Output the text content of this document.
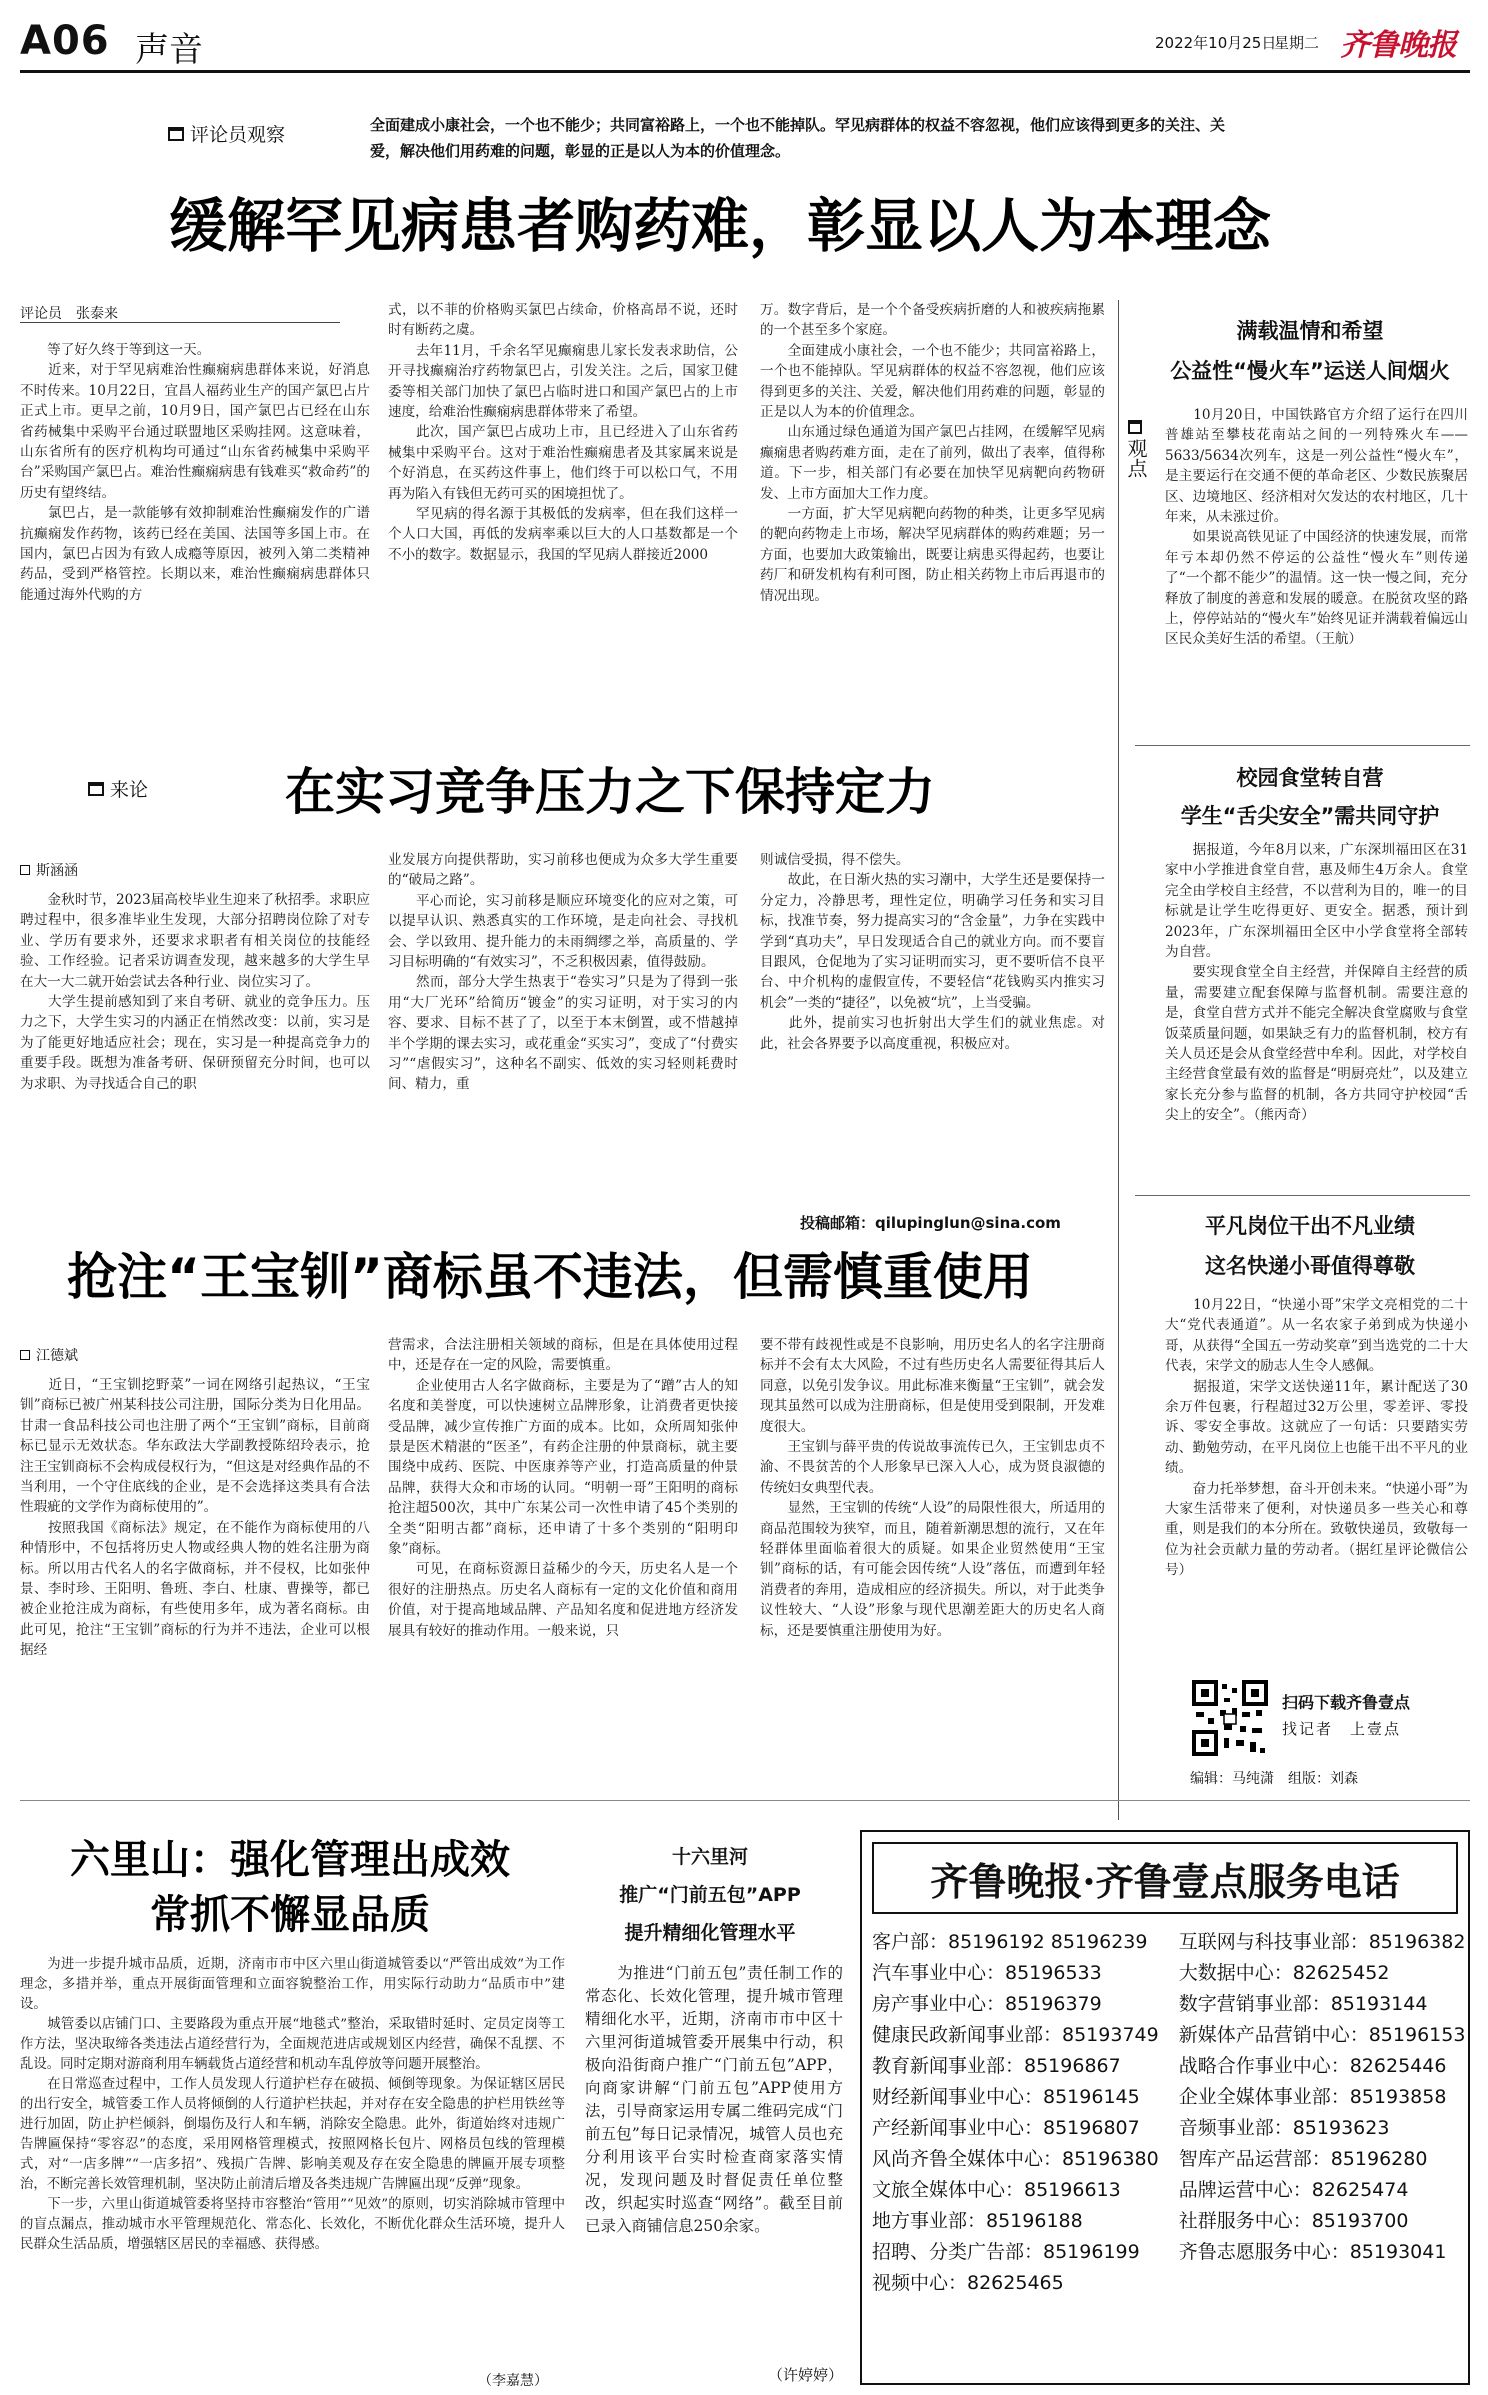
A06 声音	2022年10月25日
星期二 齐鲁晚报
评论员观察	全面建成小康社会，一个也不能少；共同富裕路上，一个也不能掉队。罕见病群体的权益不容忽视，他们应该得到更多的关注、关爱，解决他们用药难的问题，彰显的正是以人为本的价值理念。
缓解罕见病患者购药难，彰显以人为本理念
评论员　张泰来
　　等了好久终于等到这一天。
　　近来，对于罕见病难治性癫痫病患群体来说，好消息不时传来。10月22日，宜昌人福药业生产的国产氯巴占片正式上市。更早之前，10月9日，国产氯巴占已经在山东省药械集中采购平台通过联盟地区采购挂网。这意味着，山东省所有的医疗机构均可通过“山东省药械集中采购平台”采购国产氯巴占。难治性癫痫病患有钱难买“救命药”的历史有望终结。
　　氯巴占，是一款能够有效抑制难治性癫痫发作的广谱抗癫痫发作药物，该药已经在美国、法国等多国上市。在国内，氯巴占因为有致人成瘾等原因，被列入第二类精神药品，受到严格管控。长期以来，难治性癫痫病患群体只能通过海外代购的方
式，以不菲的价格购买氯巴占续命，价格高昂不说，还时时有断药之虞。
　　去年11月，千余名罕见癫痫患儿家长发表求助信，公开寻找癫痫治疗药物氯巴占，引发关注。之后，国家卫健委等相关部门加快了氯巴占临时进口和国产氯巴占的上市速度，给难治性癫痫病患群体带来了希望。
　　此次，国产氯巴占成功上市，且已经进入了山东省药械集中采购平台。这对于难治性癫痫患者及其家属来说是个好消息，在买药这件事上，他们终于可以松口气，不用再为陷入有钱但无药可买的困境担忧了。
　　罕见病的得名源于其极低的发病率，但在我们这样一个人口大国，再低的发病率乘以巨大的人口基数都是一个不小的数字。数据显示，我国的罕见病人群接近2000
万。数字背后，是一个个备受疾病折磨的人和被疾病拖累的一个甚至多个家庭。
　　全面建成小康社会，一个也不能少；共同富裕路上，一个也不能掉队。罕见病群体的权益不容忽视，他们应该得到更多的关注、关爱，解决他们用药难的问题，彰显的正是以人为本的价值理念。
　　山东通过绿色通道为国产氯巴占挂网，在缓解罕见病癫痫患者购药难方面，走在了前列，做出了表率，值得称道。下一步，相关部门有必要在加快罕见病靶向药物研发、上市方面加大工作力度。
　　一方面，扩大罕见病靶向药物的种类，让更多罕见病的靶向药物走上市场，解决罕见病群体的购药难题；另一方面，也要加大政策输出，既要让病患买得起药，也要让药厂和研发机构有利可图，防止相关药物上市后再退市的情况出现。
来论	在实习竞争压力之下保持定力
斯涵涵
　　金秋时节，2023届高校毕业生迎来了秋招季。求职应聘过程中，很多准毕业生发现，大部分招聘岗位除了对专业、学历有要求外，还要求求职者有相关岗位的技能经验、工作经验。记者采访调查发现，越来越多的大学生早在大一大二就开始尝试去各种行业、岗位实习了。
　　大学生提前感知到了来自考研、就业的竞争压力。压力之下，大学生实习的内涵正在悄然改变：以前，实习是为了能更好地适应社会；现在，实习是一种提高竞争力的重要手段。既想为准备考研、保研预留充分时间，也可以为求职、为寻找适合自己的职
业发展方向提供帮助，实习前移也便成为众多大学生重要的“破局之路”。
　　平心而论，实习前移是顺应环境变化的应对之策，可以提早认识、熟悉真实的工作环境，是走向社会、寻找机会、学以致用、提升能力的未雨绸缪之举，高质量的、学习目标明确的“有效实习”，不乏积极因素，值得鼓励。
　　然而，部分大学生热衷于“卷实习”只是为了得到一张用“大厂光环”给简历“镀金”的实习证明，对于实习的内容、要求、目标不甚了了，以至于本末倒置，或不惜越掉半个学期的课去实习，或花重金“买实习”，变成了“付费实习”“虐假实习”，这种名不副实、低效的实习轻则耗费时间、精力，重
则诚信受损，得不偿失。
　　故此，在日渐火热的实习潮中，大学生还是要保持一分定力，冷静思考，理性定位，明确学习任务和实习目标，找准节奏，努力提高实习的“含金量”，力争在实践中学到“真功夫”，早日发现适合自己的就业方向。而不要盲目跟风，仓促地为了实习证明而实习，更不要听信不良平台、中介机构的虚假宣传，不要轻信“花钱购买内推实习机会”一类的“捷径”，以免被“坑”，上当受骗。
　　此外，提前实习也折射出大学生们的就业焦虑。对此，社会各界要予以高度重视，积极应对。
投稿邮箱：qilupinglun@sina.com
抢注“王宝钏”商标虽不违法，但需慎重使用
江德斌
　　近日，“王宝钏挖野菜”一词在网络引起热议，“王宝钏”商标已被广州某科技公司注册，国际分类为日化用品。甘肃一食品科技公司也注册了两个“王宝钏”商标，目前商标已显示无效状态。华东政法大学副教授陈绍玲表示，抢注王宝钏商标不会构成侵权行为，“但这是对经典作品的不当利用，一个守住底线的企业，是不会选择这类具有合法性瑕疵的文学作为商标使用的”。
　　按照我国《商标法》规定，在不能作为商标使用的八种情形中，不包括将历史人物或经典人物的姓名注册为商标。所以用古代名人的名字做商标，并不侵权，比如张仲景、李时珍、王阳明、鲁班、李白、杜康、曹操等，都已被企业抢注成为商标，有些使用多年，成为著名商标。由此可见，抢注“王宝钏”商标的行为并不违法，企业可以根据经
营需求，合法注册相关领域的商标，但是在具体使用过程中，还是存在一定的风险，需要慎重。
　　企业使用古人名字做商标，主要是为了“蹭”古人的知名度和美誉度，可以快速树立品牌形象，让消费者更快接受品牌，减少宣传推广方面的成本。比如，众所周知张仲景是医术精湛的“医圣”，有药企注册的仲景商标，就主要围绕中成药、医院、中医康养等产业，打造高质量的仲景品牌，获得大众和市场的认同。“明朝一哥”王阳明的商标抢注超500次，其中广东某公司一次性申请了45个类别的全类“阳明古都”商标，还申请了十多个类别的“阳明印象”商标。
　　可见，在商标资源日益稀少的今天，历史名人是一个很好的注册热点。历史名人商标有一定的文化价值和商用价值，对于提高地域品牌、产品知名度和促进地方经济发展具有较好的推动作用。一般来说，只
要不带有歧视性或是不良影响，用历史名人的名字注册商标并不会有太大风险，不过有些历史名人需要征得其后人同意，以免引发争议。用此标准来衡量“王宝钏”，就会发现其虽然可以成为注册商标，但是使用受到限制，开发难度很大。
　　王宝钏与薛平贵的传说故事流传已久，王宝钏忠贞不渝、不畏贫苦的个人形象早已深入人心，成为贤良淑德的传统妇女典型代表。
　　显然，王宝钏的传统“人设”的局限性很大，所适用的商品范围较为狭窄，而且，随着新潮思想的流行，又在年轻群体里面临着很大的质疑。如果企业贸然使用“王宝钏”商标的话，有可能会因传统“人设”落伍，而遭到年轻消费者的奔用，造成相应的经济损失。所以，对于此类争议性较大、“人设”形象与现代思潮差距大的历史名人商标，还是要慎重注册使用为好。
观点
满载温情和希望
公益性“慢火车”运送人间烟火
　　10月20日，中国铁路官方介绍了运行在四川普雄站至攀枝花南站之间的一列特殊火车——5633/5634次列车，这是一列公益性“慢火车”，是主要运行在交通不便的革命老区、少数民族聚居区、边境地区、经济相对欠发达的农村地区，几十年来，从未涨过价。
　　如果说高铁见证了中国经济的快速发展，而常年亏本却仍然不停运的公益性“慢火车”则传递了“一个都不能少”的温情。这一快一慢之间，充分释放了制度的善意和发展的暖意。在脱贫攻坚的路上，停停站站的“慢火车”始终见证并满载着偏远山区民众美好生活的希望。（王航）
校园食堂转自营
学生“舌尖安全”需共同守护
　　据报道，今年8月以来，广东深圳福田区在31家中小学推进食堂自营，惠及师生4万余人。食堂完全由学校自主经营，不以营利为目的，唯一的目标就是让学生吃得更好、更安全。据悉，预计到2023年，广东深圳福田全区中小学食堂将全部转为自营。
　　要实现食堂全自主经营，并保障自主经营的质量，需要建立配套保障与监督机制。需要注意的是，食堂自营方式并不能完全解决食堂腐败与食堂饭菜质量问题，如果缺乏有力的监督机制，校方有关人员还是会从食堂经营中牟利。因此，对学校自主经营食堂最有效的监督是“明厨亮灶”，以及建立家长充分参与监督的机制，各方共同守护校园“舌尖上的安全”。（熊丙奇）
平凡岗位干出不凡业绩
这名快递小哥值得尊敬
　　10月22日，“快递小哥”宋学文亮相党的二十大“党代表通道”。从一名农家子弟到成为快递小哥，从获得“全国五一劳动奖章”到当选党的二十大代表，宋学文的励志人生令人感佩。
　　据报道，宋学文送快递11年，累计配送了30余万件包裹，行程超过32万公里，零差评、零投诉、零安全事故。这就应了一句话：只要踏实劳动、勤勉劳动，在平凡岗位上也能干出不平凡的业绩。
　　奋力托举梦想，奋斗开创未来。“快递小哥”为大家生活带来了便利，对快递员多一些关心和尊重，则是我们的本分所在。致敬快递员，致敬每一位为社会贡献力量的劳动者。（据红星评论微信公号）
扫码下载齐鲁壹点
找记者　上壹点
编辑：马纯潇　组版：刘森
六里山：强化管理出成效
常抓不懈显品质
　　为进一步提升城市品质，近期，济南市市中区六里山街道城管委以“严管出成效”为工作理念，多措并举，重点开展街面管理和立面容貌整治工作，用实际行动助力“品质市中”建设。
　　城管委以店铺门口、主要路段为重点开展“地毯式”整治，采取错时延时、定员定岗等工作方法，坚决取缔各类违法占道经营行为，全面规范进店或规划区内经营，确保不乱摆、不乱设。同时定期对游商利用车辆载货占道经营和机动车乱停放等问题开展整治。
　　在日常巡查过程中，工作人员发现人行道护栏存在破损、倾倒等现象。为保证辖区居民的出行安全，城管委工作人员将倾倒的人行道护栏扶起，并对存在安全隐患的护栏用铁丝等进行加固，防止护栏倾斜，倒塌伤及行人和车辆，消除安全隐患。此外，街道始终对违规广告牌匾保持“零容忍”的态度，采用网格管理模式，按照网格长包片、网格员包线的管理模式，对“一店多牌”“一店多招”、残损广告牌、影响美观及存在安全隐患的牌匾开展专项整治，不断完善长效管理机制，坚决防止前清后增及各类违规广告牌匾出现“反弹”现象。
　　下一步，六里山街道城管委将坚持市容整治“管用”“见效”的原则，切实消除城市管理中的盲点漏点，推动城市水平管理规范化、常态化、长效化，不断优化群众生活环境，提升人民群众生活品质，增强辖区居民的幸福感、获得感。
（李嘉慧）
十六里河
推广“门前五包”APP
提升精细化管理水平
　　为推进“门前五包”责任制工作的常态化、长效化管理，提升城市管理精细化水平，近期，济南市市中区十六里河街道城管委开展集中行动，积极向沿街商户推广“门前五包”APP，向商家讲解“门前五包”APP使用方法，引导商家运用专属二维码完成“门前五包”每日记录情况，城管人员也充分利用该平台实时检查商家落实情况，发现问题及时督促责任单位整改，织起实时巡查“网络”。截至目前已录入商铺信息250余家。
（许婷婷）
齐鲁晚报·齐鲁壹点服务电话
客户部：85196192 85196239
汽车事业中心：85196533
房产事业中心：85196379
健康民政新闻事业部：85193749
教育新闻事业部：85196867
财经新闻事业中心：85196145
产经新闻事业中心：85196807
风尚齐鲁全媒体中心：85196380
文旅全媒体中心：85196613
地方事业部：85196188
招聘、分类广告部：85196199
视频中心：82625465
互联网与科技事业部：85196382
大数据中心：82625452
数字营销事业部：85193144
新媒体产品营销中心：85196153
战略合作事业中心：82625446
企业全媒体事业部：85193858
音频事业部：85193623
智库产品运营部：85196280
品牌运营中心：82625474
社群服务中心：85193700
齐鲁志愿服务中心：85193041
